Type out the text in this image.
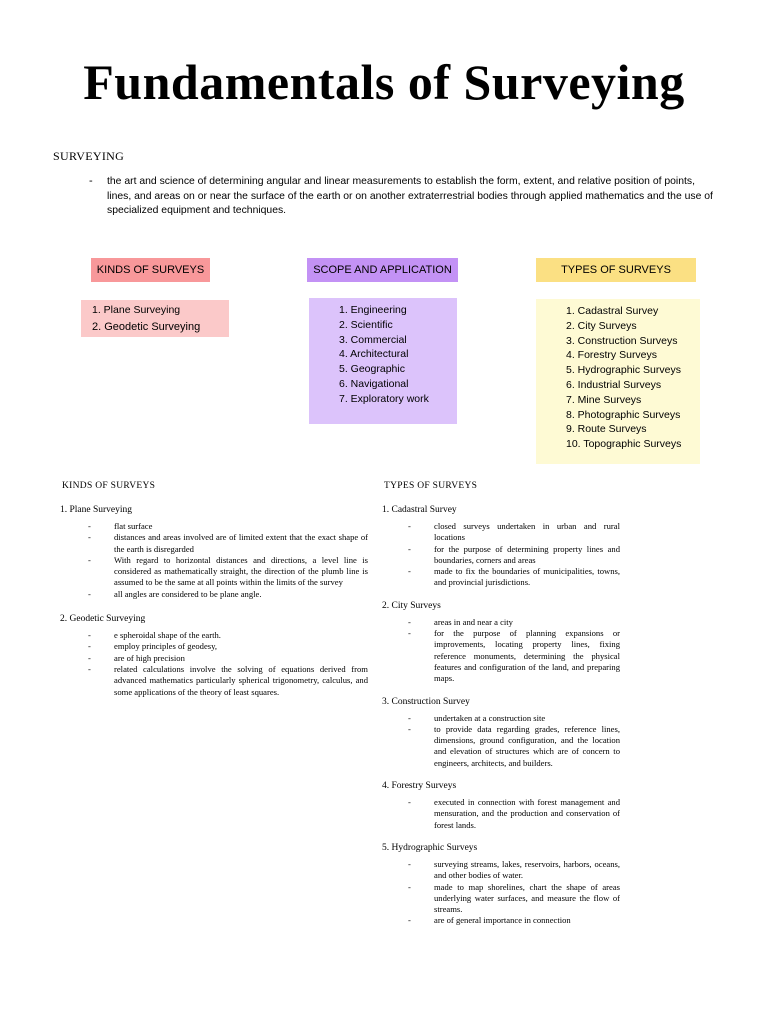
Fundamentals of Surveying
SURVEYING
- the art and science of determining angular and linear measurements to establish the form, extent, and relative position of points, lines, and areas on or near the surface of the earth or on another extraterrestrial bodies through applied mathematics and the use of specialized equipment and techniques.
KINDS OF SURVEYS
1. Plane Surveying
2. Geodetic Surveying
SCOPE AND APPLICATION
1. Engineering
2. Scientific
3. Commercial
4. Architectural
5. Geographic
6. Navigational
7. Exploratory work
TYPES OF SURVEYS
1. Cadastral Survey
2. City Surveys
3. Construction Surveys
4. Forestry Surveys
5. Hydrographic Surveys
6. Industrial Surveys
7. Mine Surveys
8. Photographic Surveys
9. Route Surveys
10. Topographic Surveys
KINDS OF SURVEYS
1. Plane Surveying
-	flat surface
-	distances and areas involved are of limited extent that the exact shape of the earth is disregarded
-	With regard to horizontal distances and directions, a level line is considered as mathematically straight, the direction of the plumb line is assumed to be the same at all points within the limits of the survey
-	all angles are considered to be plane angle.
2. Geodetic Surveying
-	e spheroidal shape of the earth.
-	employ principles of geodesy,
-	are of high precision
-	related calculations involve the solving of equations derived from advanced mathematics particularly spherical trigonometry, calculus, and some applications of the theory of least squares.
TYPES OF SURVEYS
1. Cadastral Survey
-	closed surveys undertaken in urban and rural locations
-	for the purpose of determining property lines and boundaries, corners and areas
-	made to fix the boundaries of municipalities, towns, and provincial jurisdictions.
2. City Surveys
-	areas in and near a city
-	for the purpose of planning expansions or improvements, locating property lines, fixing reference monuments, determining the physical features and configuration of the land, and preparing maps.
3. Construction Survey
-	undertaken at a construction site
-	to provide data regarding grades, reference lines, dimensions, ground configuration, and the location and elevation of structures which are of concern to engineers, architects, and builders.
4. Forestry Surveys
-	executed in connection with forest management and mensuration, and the production and conservation of forest lands.
5. Hydrographic Surveys
-	surveying streams, lakes, reservoirs, harbors, oceans, and other bodies of water.
-	made to map shorelines, chart the shape of areas underlying water surfaces, and measure the flow of streams.
-	are of general importance in connection
